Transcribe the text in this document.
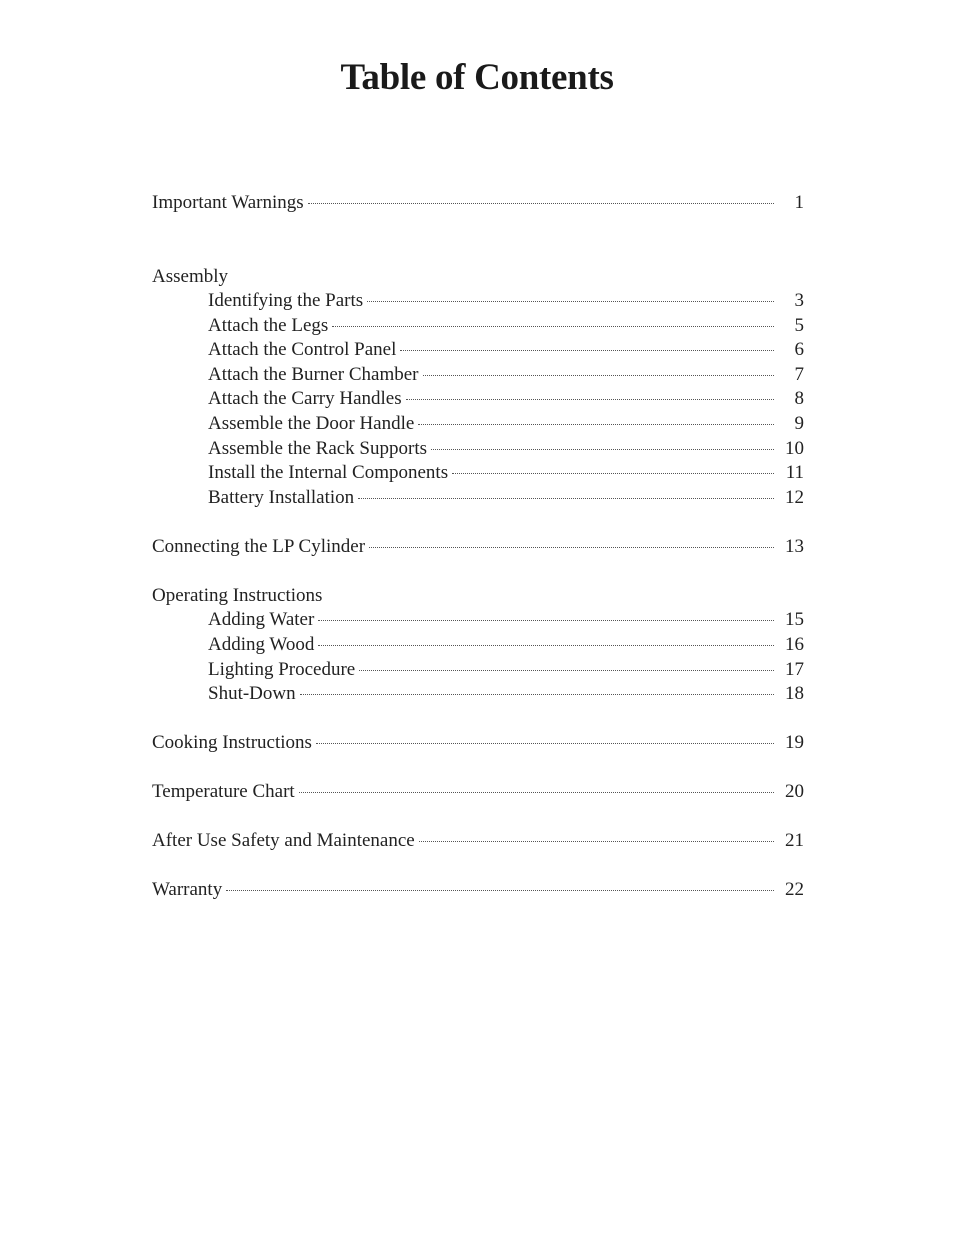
Table of Contents
Important Warnings	1
Assembly
Identifying the Parts	3
Attach the Legs	5
Attach the Control Panel	6
Attach the Burner Chamber	7
Attach the Carry Handles	8
Assemble the Door Handle	9
Assemble the Rack Supports	10
Install the Internal Components	11
Battery Installation	12
Connecting the LP Cylinder	13
Operating Instructions
Adding Water	15
Adding Wood	16
Lighting Procedure	17
Shut-Down	18
Cooking Instructions	19
Temperature Chart	20
After Use Safety and Maintenance	21
Warranty	22
